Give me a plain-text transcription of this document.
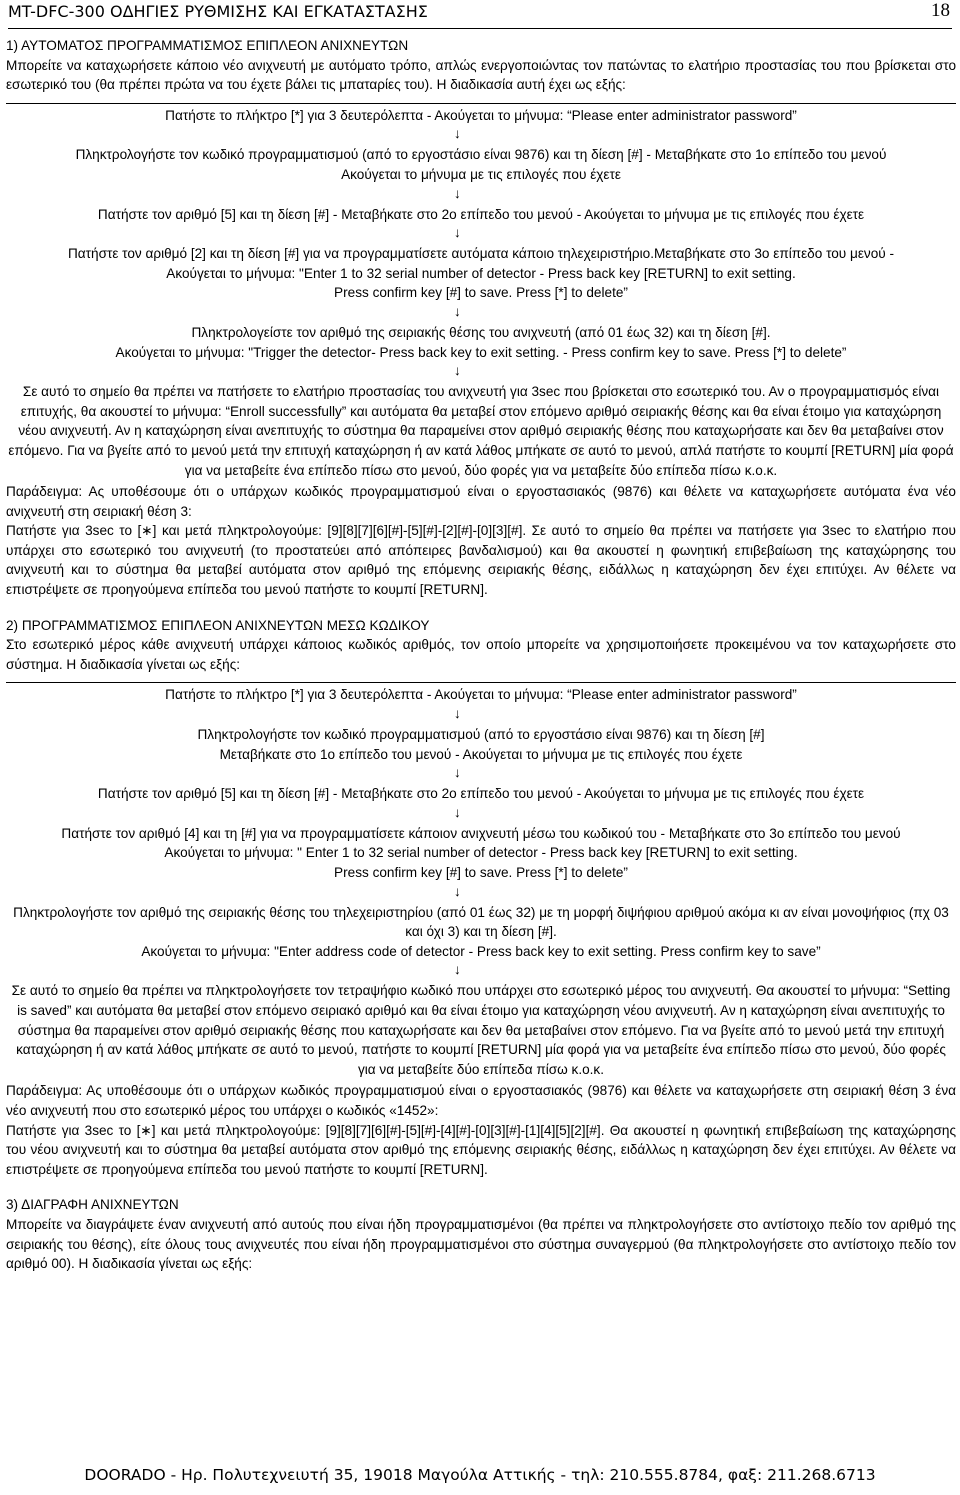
MT-DFC-300 ΟΔΗΓΙΕΣ ΡΥΘΜΙΣΗΣ ΚΑΙ ΕΓΚΑΤΑΣΤΑΣΗΣ	18

1) ΑΥΤΟΜΑΤΟΣ ΠΡΟΓΡΑΜΜΑΤΙΣΜΟΣ ΕΠΙΠΛΕΟΝ ΑΝΙΧΝΕΥΤΩΝ

Μπορείτε να καταχωρήσετε κάποιο νέο ανιχνευτή με αυτόματο τρόπο, απλώς ενεργοποιώντας τον πατώντας το ελατήριο προστασίας του που βρίσκεται στο εσωτερικό του (θα πρέπει πρώτα να του έχετε βάλει τις μπαταρίες του). Η διαδικασία αυτή έχει ως εξής:

Πατήστε το πλήκτρο [*] για 3 δευτερόλεπτα - Ακούγεται το μήνυμα: “Please enter administrator password”

↓

Πληκτρολογήστε τον κωδικό προγραμματισμού (από το εργοστάσιο είναι 9876) και τη δίεση [#] - Μεταβήκατε στο 1ο επίπεδο του μενού

Ακούγεται το μήνυμα με τις επιλογές που έχετε

↓

Πατήστε τον αριθμό [5] και τη δίεση [#] - Μεταβήκατε στο 2ο επίπεδο του μενού - Ακούγεται το μήνυμα με τις επιλογές που έχετε

↓

Πατήστε τον αριθμό [2] και τη δίεση [#] για να προγραμματίσετε αυτόματα κάποιο τηλεχειριστήριο.Μεταβήκατε στο 3ο επίπεδο του μενού -

Ακούγεται το μήνυμα: "Enter 1 to 32 serial number of detector - Press back key [RETURN] to exit setting.

Press confirm key [#] to save. Press [*] to delete”

↓

Πληκτρολογείστε τον αριθμό της σειριακής θέσης του ανιχνευτή (από 01 έως 32) και τη δίεση [#].

Ακούγεται το μήνυμα: "Trigger the detector- Press back key to exit setting. - Press confirm key to save. Press [*] to delete”

↓

Σε αυτό το σημείο θα πρέπει να πατήσετε το ελατήριο προστασίας του ανιχνευτή για 3sec που βρίσκεται στο εσωτερικό του. Αν ο προγραμματισμός είναι επιτυχής, θα ακουστεί το μήνυμα: “Enroll successfully” και αυτόματα θα μεταβεί στον επόμενο αριθμό σειριακής θέσης και θα είναι έτοιμο για καταχώρηση νέου ανιχνευτή. Αν η καταχώρηση είναι ανεπιτυχής το σύστημα θα παραμείνει στον αριθμό σειριακής θέσης που καταχωρήσατε και δεν θα μεταβαίνει στον επόμενο. Για να βγείτε από το μενού μετά την επιτυχή καταχώρηση ή αν κατά λάθος μπήκατε σε αυτό το μενού, απλά πατήστε το κουμπί [RETURN] μία φορά για να μεταβείτε ένα επίπεδο πίσω στο μενού, δύο φορές για να μεταβείτε δύο επίπεδα πίσω κ.ο.κ.

Παράδειγμα: Ας υποθέσουμε ότι ο υπάρχων κωδικός προγραμματισμού είναι ο εργοστασιακός (9876) και θέλετε να καταχωρήσετε αυτόματα ένα νέο ανιχνευτή στη σειριακή θέση 3:

Πατήστε για 3sec το [∗] και μετά πληκτρολογούμε: [9][8][7][6][#]-[5][#]-[2][#]-[0][3][#]. Σε αυτό το σημείο θα πρέπει να πατήσετε για 3sec το ελατήριο που υπάρχει στο εσωτερικό του ανιχνευτή (το προστατεύει από απόπειρες βανδαλισμού) και θα ακουστεί η φωνητική επιβεβαίωση της καταχώρησης του ανιχνευτή και το σύστημα θα μεταβεί αυτόματα στον αριθμό της επόμενης σειριακής θέσης, ειδάλλως η καταχώρηση δεν έχει επιτύχει. Αν θέλετε να επιστρέψετε σε προηγούμενα επίπεδα του μενού πατήστε το κουμπί [RETURN].

2) ΠΡΟΓΡΑΜΜΑΤΙΣΜΟΣ ΕΠΙΠΛΕΟΝ ΑΝΙΧΝΕΥΤΩΝ ΜΕΣΩ ΚΩΔΙΚΟΥ

Στο εσωτερικό μέρος κάθε ανιχνευτή υπάρχει κάποιος κωδικός αριθμός, τον οποίο μπορείτε να χρησιμοποιήσετε προκειμένου να τον καταχωρήσετε στο σύστημα. Η διαδικασία γίνεται ως εξής:

Πατήστε το πλήκτρο [*] για 3 δευτερόλεπτα - Ακούγεται το μήνυμα: “Please enter administrator password”

↓

Πληκτρολογήστε τον κωδικό προγραμματισμού (από το εργοστάσιο είναι 9876) και τη δίεση [#]

Μεταβήκατε στο 1ο επίπεδο του μενού - Ακούγεται το μήνυμα με τις επιλογές που έχετε

↓

Πατήστε τον αριθμό [5] και τη δίεση [#] - Μεταβήκατε στο 2ο επίπεδο του μενού - Ακούγεται το μήνυμα με τις επιλογές που έχετε

↓

Πατήστε τον αριθμό [4] και τη [#] για να προγραμματίσετε κάποιον ανιχνευτή μέσω του κωδικού του - Μεταβήκατε στο 3ο επίπεδο του μενού

Ακούγεται το μήνυμα: " Enter 1 to 32 serial number of detector - Press back key [RETURN] to exit setting.

Press confirm key [#] to save. Press [*] to delete”

↓

Πληκτρολογήστε τον αριθμό της σειριακής θέσης του τηλεχειριστηρίου (από 01 έως 32) με τη μορφή διψήφιου αριθμού ακόμα κι αν είναι μονοψήφιος (πχ 03 και όχι 3) και τη δίεση [#].

Ακούγεται το μήνυμα: "Enter address code of detector - Press back key to exit setting. Press confirm key to save”

↓

Σε αυτό το σημείο θα πρέπει να πληκτρολογήσετε τον τετραψήφιο κωδικό που υπάρχει στο εσωτερικό μέρος του ανιχνευτή. Θα ακουστεί το μήνυμα: “Setting is saved” και αυτόματα θα μεταβεί στον επόμενο σειριακό αριθμό και θα είναι έτοιμο για καταχώρηση νέου ανιχνευτή. Αν η καταχώρηση είναι ανεπιτυχής το σύστημα θα παραμείνει στον αριθμό σειριακής θέσης που καταχωρήσατε και δεν θα μεταβαίνει στον επόμενο. Για να βγείτε από το μενού μετά την επιτυχή καταχώρηση ή αν κατά λάθος μπήκατε σε αυτό το μενού, πατήστε το κουμπί [RETURN] μία φορά για να μεταβείτε ένα επίπεδο πίσω στο μενού, δύο φορές για να μεταβείτε δύο επίπεδα πίσω κ.ο.κ.

Παράδειγμα: Ας υποθέσουμε ότι ο υπάρχων κωδικός προγραμματισμού είναι ο εργοστασιακός (9876) και θέλετε να καταχωρήσετε στη σειριακή θέση 3 ένα νέο ανιχνευτή που στο εσωτερικό μέρος του υπάρχει ο κωδικός «1452»:

Πατήστε για 3sec το [∗] και μετά πληκτρολογούμε: [9][8][7][6][#]-[5][#]-[4][#]-[0][3][#]-[1][4][5][2][#]. Θα ακουστεί η φωνητική επιβεβαίωση της καταχώρησης του νέου ανιχνευτή και το σύστημα θα μεταβεί αυτόματα στον αριθμό της επόμενης σειριακής θέσης, ειδάλλως η καταχώρηση δεν έχει επιτύχει. Αν θέλετε να επιστρέψετε σε προηγούμενα επίπεδα του μενού πατήστε το κουμπί [RETURN].

3) ΔΙΑΓΡΑΦΗ ΑΝΙΧΝΕΥΤΩΝ

Μπορείτε να διαγράψετε έναν ανιχνευτή από αυτούς που είναι ήδη προγραμματισμένοι (θα πρέπει να πληκτρολογήσετε στο αντίστοιχο πεδίο τον αριθμό της σειριακής του θέσης), είτε όλους τους ανιχνευτές που είναι ήδη προγραμματισμένοι στο σύστημα συναγερμού (θα πληκτρολογήσετε στο αντίστοιχο πεδίο τον αριθμό 00). Η διαδικασία γίνεται ως εξής:

DOORADO - Ηρ. Πολυτεχνειυτή 35, 19018 Μαγούλα Αττικής - τηλ: 210.555.8784, φαξ: 211.268.6713
